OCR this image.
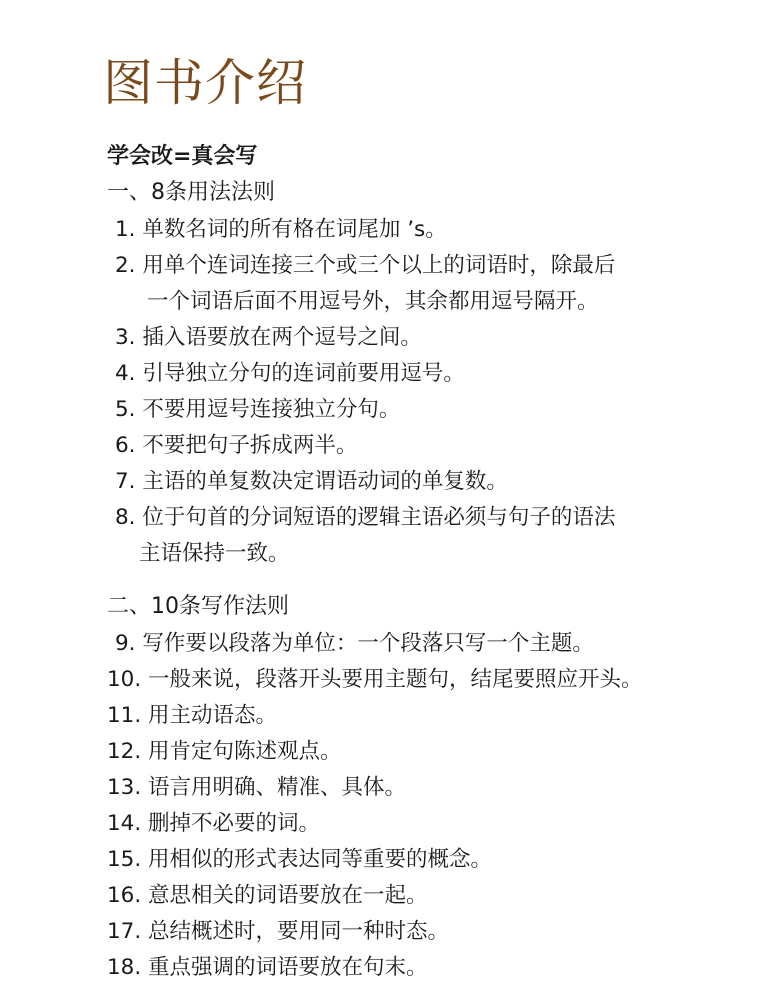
图书介绍
学会改=真会写
一、8条用法法则

1. 单数名词的所有格在词尾加 ’s。

2. 用单个连词连接三个或三个以上的词语时，除最后

一个词语后面不用逗号外，其余都用逗号隔开。

3. 插入语要放在两个逗号之间。

4. 引导独立分句的连词前要用逗号。

5. 不要用逗号连接独立分句。

6. 不要把句子拆成两半。

7. 主语的单复数决定谓语动词的单复数。

8. 位于句首的分词短语的逻辑主语必须与句子的语法

主语保持一致。

二、10条写作法则

9. 写作要以段落为单位：一个段落只写一个主题。

10. 一般来说，段落开头要用主题句，结尾要照应开头。

11. 用主动语态。

12. 用肯定句陈述观点。

13. 语言用明确、精准、具体。

14. 删掉不必要的词。

15. 用相似的形式表达同等重要的概念。

16. 意思相关的词语要放在一起。

17. 总结概述时，要用同一种时态。

18. 重点强调的词语要放在句末。
